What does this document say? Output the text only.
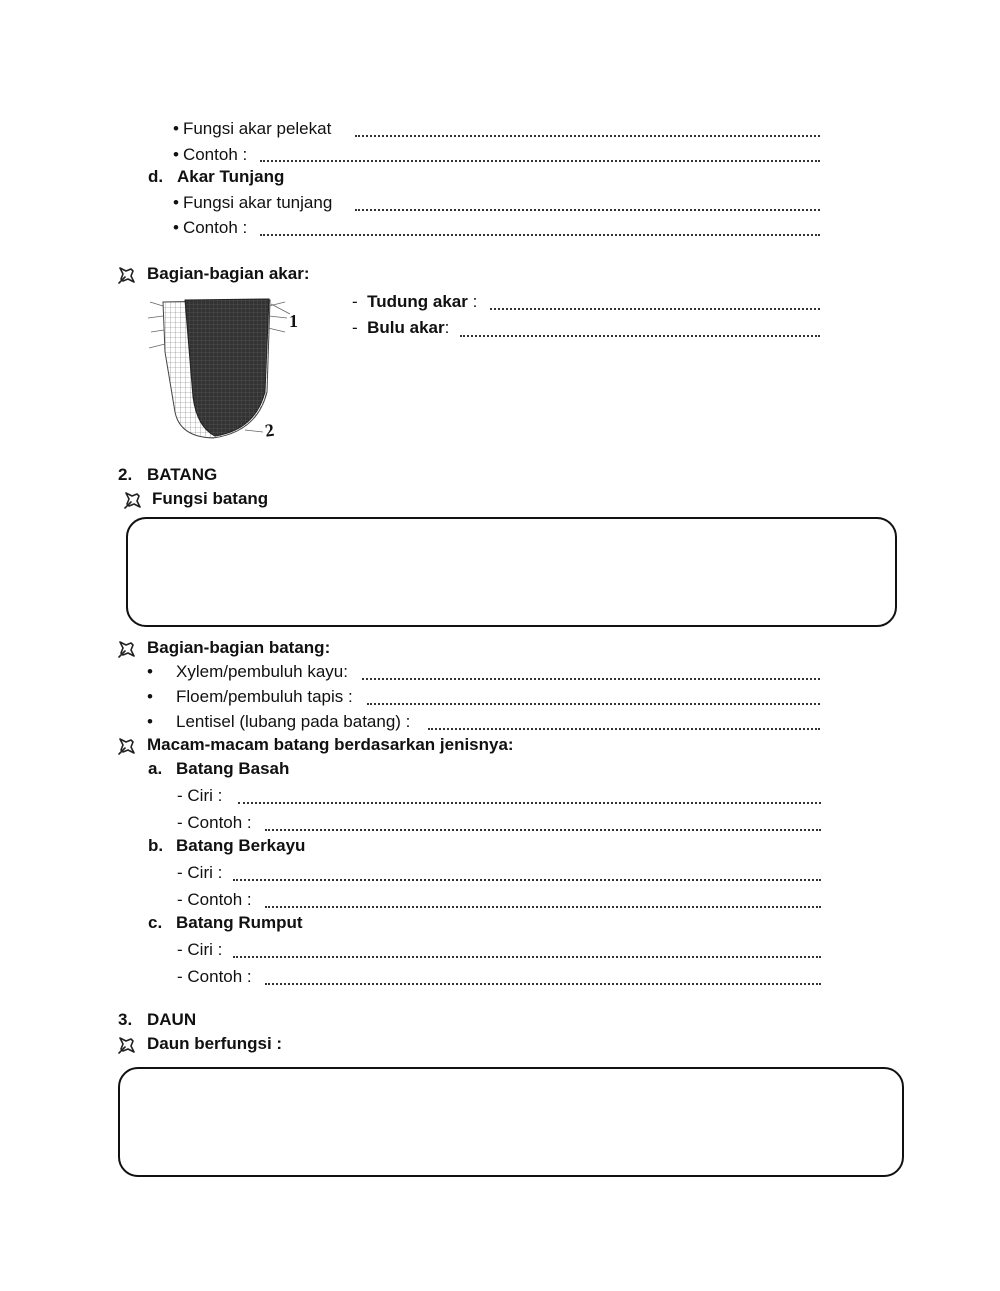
• Fungsi akar pelekat
• Contoh :
d. Akar Tunjang
• Fungsi akar tunjang
• Contoh :
Bagian-bagian akar:
1
2
- Tudung akar :
- Bulu akar:
2. BATANG
Fungsi batang
Bagian-bagian batang:
• Xylem/pembuluh kayu:
• Floem/pembuluh tapis :
• Lentisel (lubang pada batang) :
Macam-macam batang berdasarkan jenisnya:
a. Batang Basah
- Ciri :
- Contoh :
b. Batang Berkayu
- Ciri :
- Contoh :
c. Batang Rumput
- Ciri :
- Contoh :
3. DAUN
Daun berfungsi :
